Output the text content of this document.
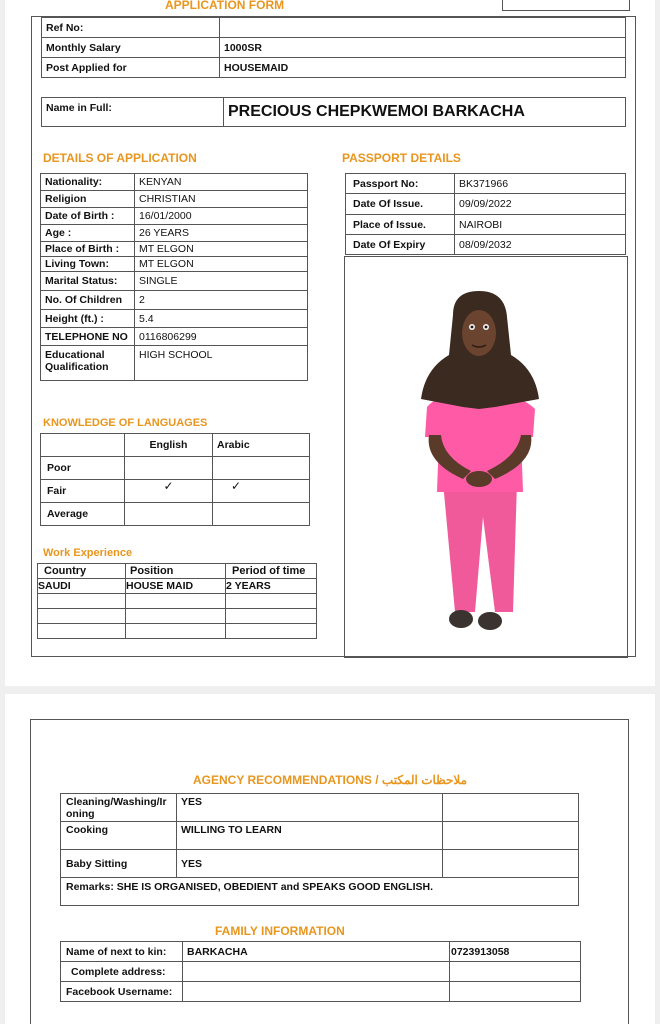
APPLICATION FORM
Ref No:	
Monthly Salary	1000SR
Post Applied for	HOUSEMAID
Name in Full:	PRECIOUS CHEPKWEMOI BARKACHA
DETAILS OF APPLICATION	PASSPORT DETAILS
Nationality:	KENYAN
Religion	CHRISTIAN
Date of Birth :	16/01/2000
Age :	26 YEARS
Place of Birth :	MT ELGON
Living Town:	MT ELGON
Marital Status:	SINGLE
No. Of Children	2
Height (ft.) :	5.4
TELEPHONE NO	0116806299
Educational Qualification	HIGH SCHOOL
Passport No:	BK371966
Date Of Issue.	09/09/2022
Place of Issue.	NAIROBI
Date Of Expiry	08/09/2032
KNOWLEDGE OF LANGUAGES
	English	Arabic
Poor		
Fair	✓	✓
Average		
Work Experience
Country	Position	Period of time
SAUDI	HOUSE MAID	2 YEARS

AGENCY RECOMMENDATIONS / ملاحظات المكتب
Cleaning/Washing/Ironing	YES	
Cooking	WILLING TO LEARN	
Baby Sitting	YES	
Remarks: SHE IS ORGANISED, OBEDIENT and SPEAKS GOOD ENGLISH.		
FAMILY INFORMATION
Name of next to kin:	BARKACHA	0723913058
Complete address:		
Facebook Username:		
